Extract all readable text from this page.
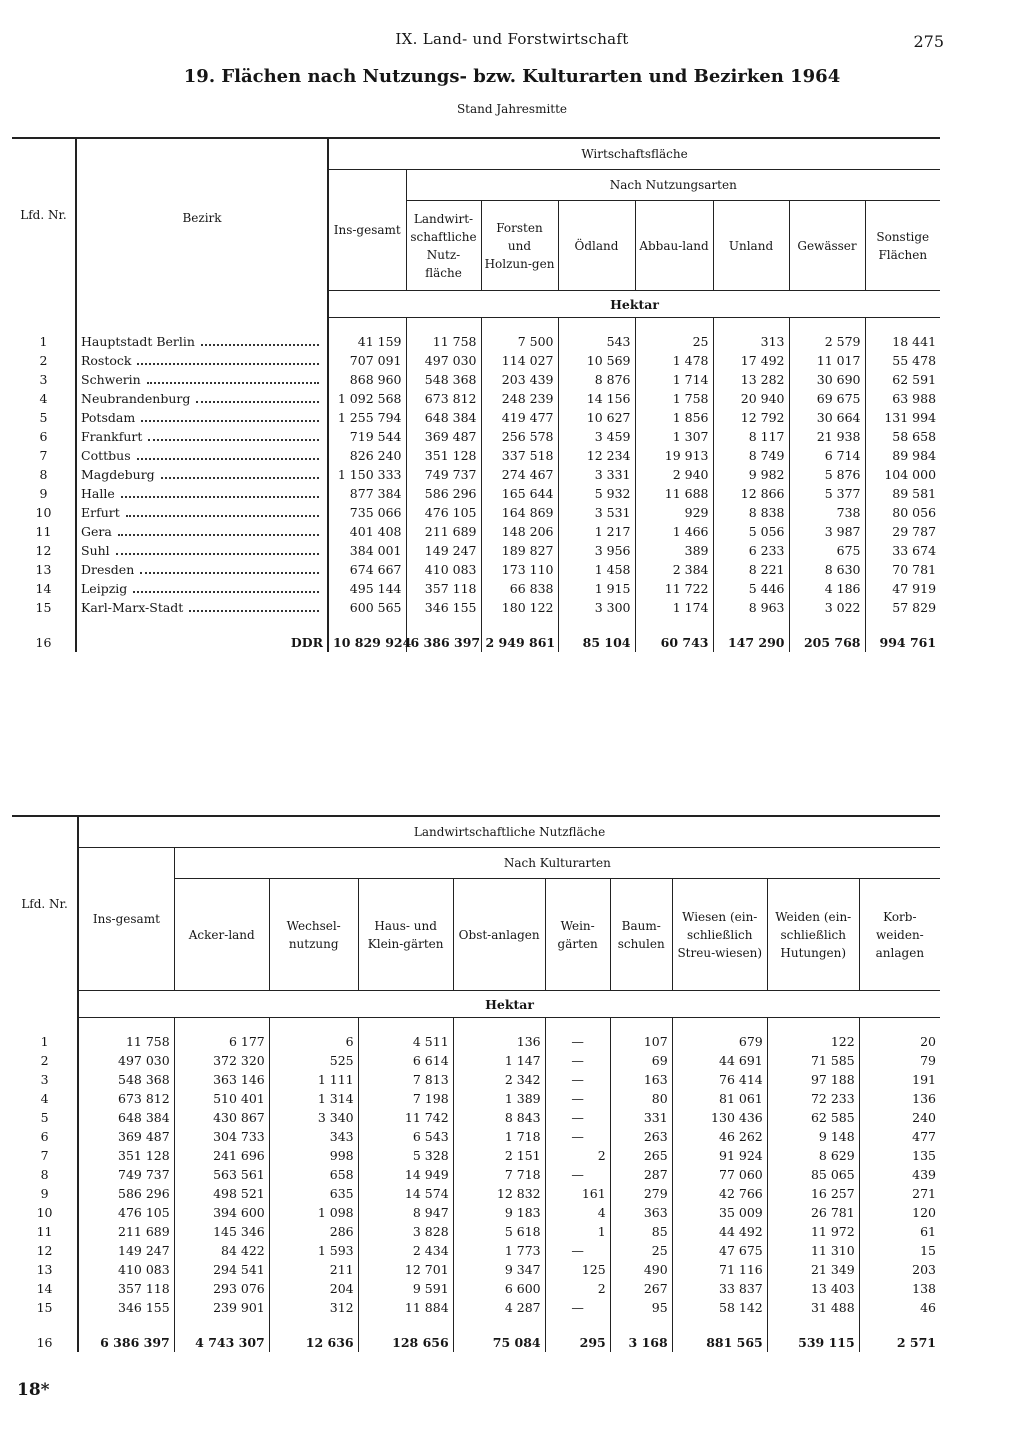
IX. Land- und Forstwirtschaft	275
19. Flächen nach Nutzungs- bzw. Kulturarten und Bezirken 1964
Stand Jahresmitte
Lfd. Nr.	Bezirk	Wirtschaftsfläche							
		Ins-gesamt	Nach Nutzungsarten						
			Landwirt-schaftliche Nutz-fläche	Forsten und Holzun-gen	Ödland	Abbau-land	Unland	Gewässer	Sonstige Flächen
		Hektar							

1	Hauptstadt Berlin	41 159	11 758	7 500	543	25	313	2 579	18 441
2	Rostock	707 091	497 030	114 027	10 569	1 478	17 492	11 017	55 478
3	Schwerin	868 960	548 368	203 439	8 876	1 714	13 282	30 690	62 591
4	Neubrandenburg	1 092 568	673 812	248 239	14 156	1 758	20 940	69 675	63 988
5	Potsdam	1 255 794	648 384	419 477	10 627	1 856	12 792	30 664	131 994
6	Frankfurt	719 544	369 487	256 578	3 459	1 307	8 117	21 938	58 658
7	Cottbus	826 240	351 128	337 518	12 234	19 913	8 749	6 714	89 984
8	Magdeburg	1 150 333	749 737	274 467	3 331	2 940	9 982	5 876	104 000
9	Halle	877 384	586 296	165 644	5 932	11 688	12 866	5 377	89 581
10	Erfurt	735 066	476 105	164 869	3 531	929	8 838	738	80 056
11	Gera	401 408	211 689	148 206	1 217	1 466	5 056	3 987	29 787
12	Suhl	384 001	149 247	189 827	3 956	389	6 233	675	33 674
13	Dresden	674 667	410 083	173 110	1 458	2 384	8 221	8 630	70 781
14	Leipzig	495 144	357 118	66 838	1 915	11 722	5 446	4 186	47 919
15	Karl-Marx-Stadt	600 565	346 155	180 122	3 300	1 174	8 963	3 022	57 829

16	DDR	10 829 924	6 386 397	2 949 861	85 104	60 743	147 290	205 768	994 761
Lfd. Nr.	Landwirtschaftliche Nutzfläche									
	Ins-gesamt	Nach Kulturarten								
		Acker-land	Wechsel-nutzung	Haus- und Klein-gärten	Obst-anlagen	Wein-gärten	Baum-schulen	Wiesen (ein-schließlich Streu-wiesen)	Weiden (ein-schließlich Hutungen)	Korb-weiden-anlagen
	Hektar									

1	11 758	6 177	6	4 511	136	—	107	679	122	20
2	497 030	372 320	525	6 614	1 147	—	69	44 691	71 585	79
3	548 368	363 146	1 111	7 813	2 342	—	163	76 414	97 188	191
4	673 812	510 401	1 314	7 198	1 389	—	80	81 061	72 233	136
5	648 384	430 867	3 340	11 742	8 843	—	331	130 436	62 585	240
6	369 487	304 733	343	6 543	1 718	—	263	46 262	9 148	477
7	351 128	241 696	998	5 328	2 151	2	265	91 924	8 629	135
8	749 737	563 561	658	14 949	7 718	—	287	77 060	85 065	439
9	586 296	498 521	635	14 574	12 832	161	279	42 766	16 257	271
10	476 105	394 600	1 098	8 947	9 183	4	363	35 009	26 781	120
11	211 689	145 346	286	3 828	5 618	1	85	44 492	11 972	61
12	149 247	84 422	1 593	2 434	1 773	—	25	47 675	11 310	15
13	410 083	294 541	211	12 701	9 347	125	490	71 116	21 349	203
14	357 118	293 076	204	9 591	6 600	2	267	33 837	13 403	138
15	346 155	239 901	312	11 884	4 287	—	95	58 142	31 488	46

16	6 386 397	4 743 307	12 636	128 656	75 084	295	3 168	881 565	539 115	2 571
18*
